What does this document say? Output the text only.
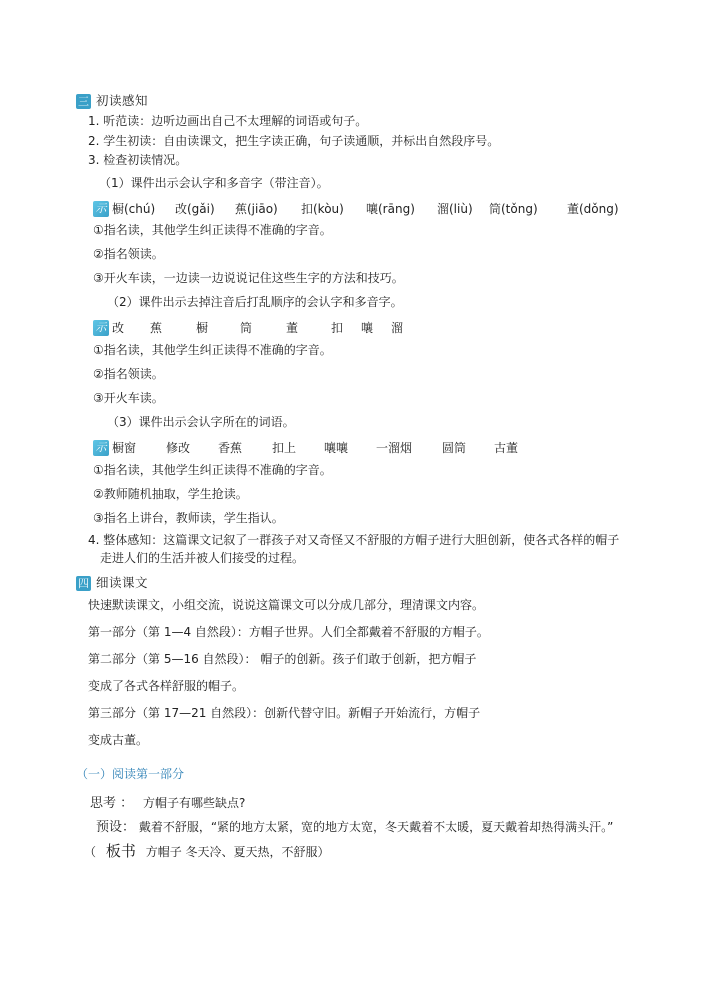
三 初读感知
1. 听范读：边听边画出自己不太理解的词语或句子。
2. 学生初读：自由读课文，把生字读正确，句子读通顺，并标出自然段序号。
3. 检查初读情况。
（1）课件出示会认字和多音字（带注音）。
示 橱(chú)	改(gǎi)	蕉(jiāo)	扣(kòu)	嚷(rāng)	溜(liù)	筒(tǒng)	董(dǒng)
①指名读，其他学生纠正读得不准确的字音。
②指名领读。
③开火车读，一边读一边说说记住这些生字的方法和技巧。
（2）课件出示去掉注音后打乱顺序的会认字和多音字。
示 改	蕉	橱	筒	董	扣	嚷	溜
①指名读，其他学生纠正读得不准确的字音。
②指名领读。
③开火车读。
（3）课件出示会认字所在的词语。
示 橱窗	修改	香蕉	扣上	嚷嚷	一溜烟	圆筒	古董
①指名读，其他学生纠正读得不准确的字音。
②教师随机抽取，学生抢读。
③指名上讲台，教师读，学生指认。
4. 整体感知：这篇课文记叙了一群孩子对又奇怪又不舒服的方帽子进行大胆创新，使各式各样的帽子
走进人们的生活并被人们接受的过程。
四 细读课文
快速默读课文，小组交流，说说这篇课文可以分成几部分，理清课文内容。
第一部分（第 1—4 自然段）：方帽子世界。人们全都戴着不舒服的方帽子。
第二部分（第 5—16 自然段）： 帽子的创新。孩子们敢于创新，把方帽子
变成了各式各样舒服的帽子。
第三部分（第 17—21 自然段）：创新代替守旧。新帽子开始流行，方帽子
变成古董。
（一）阅读第一部分
思考 ： 方帽子有哪些缺点?
预设： 戴着不舒服，“紧的地方太紧，宽的地方太宽，冬天戴着不太暖，夏天戴着却热得满头汗。”
（ 板书 方帽子 冬天冷、夏天热，不舒服）
